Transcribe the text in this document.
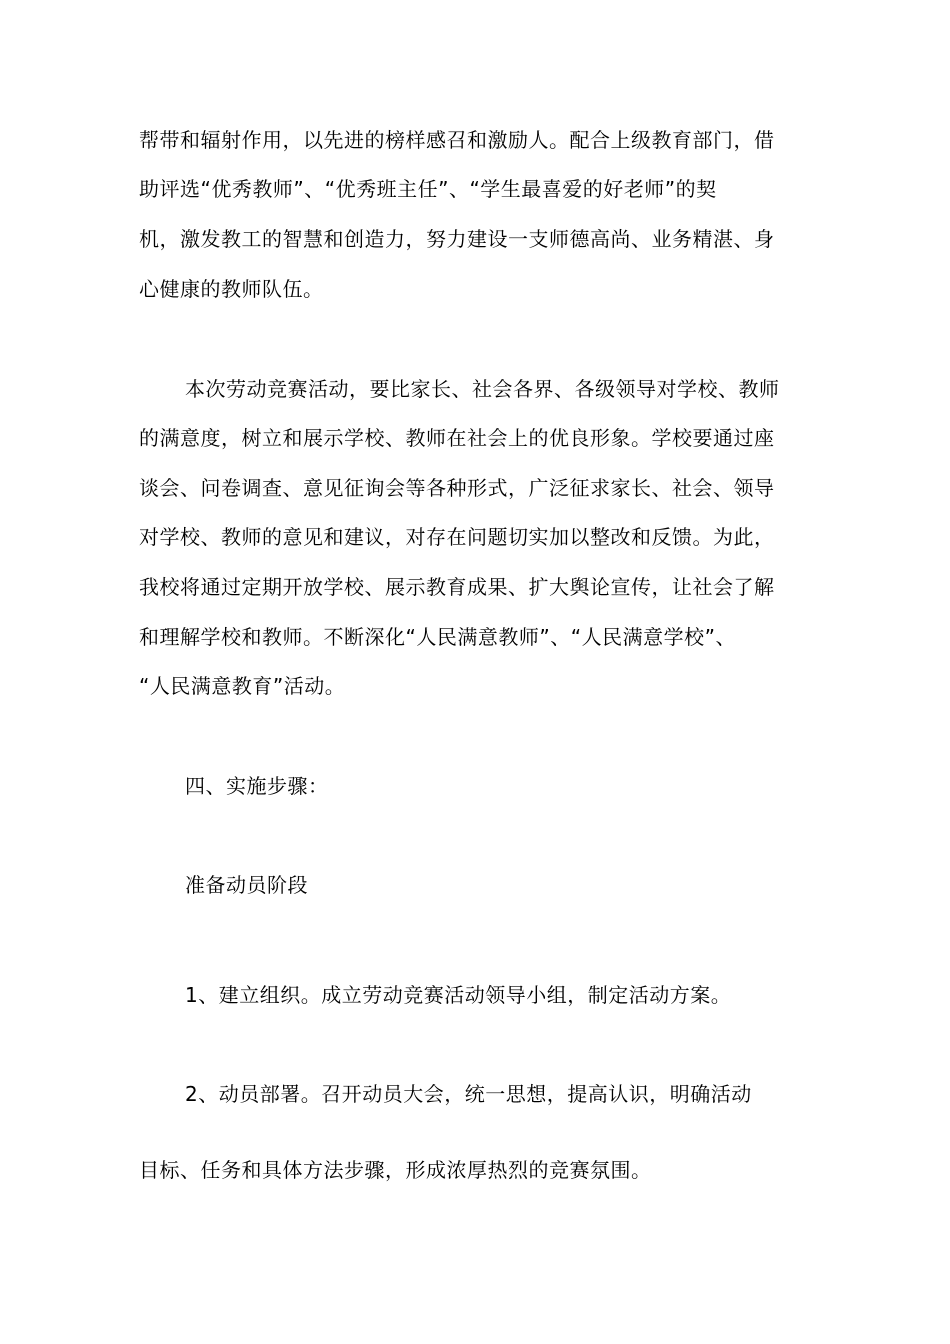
帮带和辐射作用，以先进的榜样感召和激励人。配合上级教育部门，借
助评选“优秀教师”、“优秀班主任”、“学生最喜爱的好老师”的契
机，激发教工的智慧和创造力，努力建设一支师德高尚、业务精湛、身
心健康的教师队伍。
本次劳动竞赛活动，要比家长、社会各界、各级领导对学校、教师
的满意度，树立和展示学校、教师在社会上的优良形象。学校要通过座
谈会、问卷调查、意见征询会等各种形式，广泛征求家长、社会、领导
对学校、教师的意见和建议，对存在问题切实加以整改和反馈。为此，
我校将通过定期开放学校、展示教育成果、扩大舆论宣传，让社会了解
和理解学校和教师。不断深化“人民满意教师”、“人民满意学校”、
“人民满意教育”活动。
四、实施步骤：
准备动员阶段
1、建立组织。成立劳动竞赛活动领导小组，制定活动方案。
2、动员部署。召开动员大会，统一思想，提高认识，明确活动
目标、任务和具体方法步骤，形成浓厚热烈的竞赛氛围。
